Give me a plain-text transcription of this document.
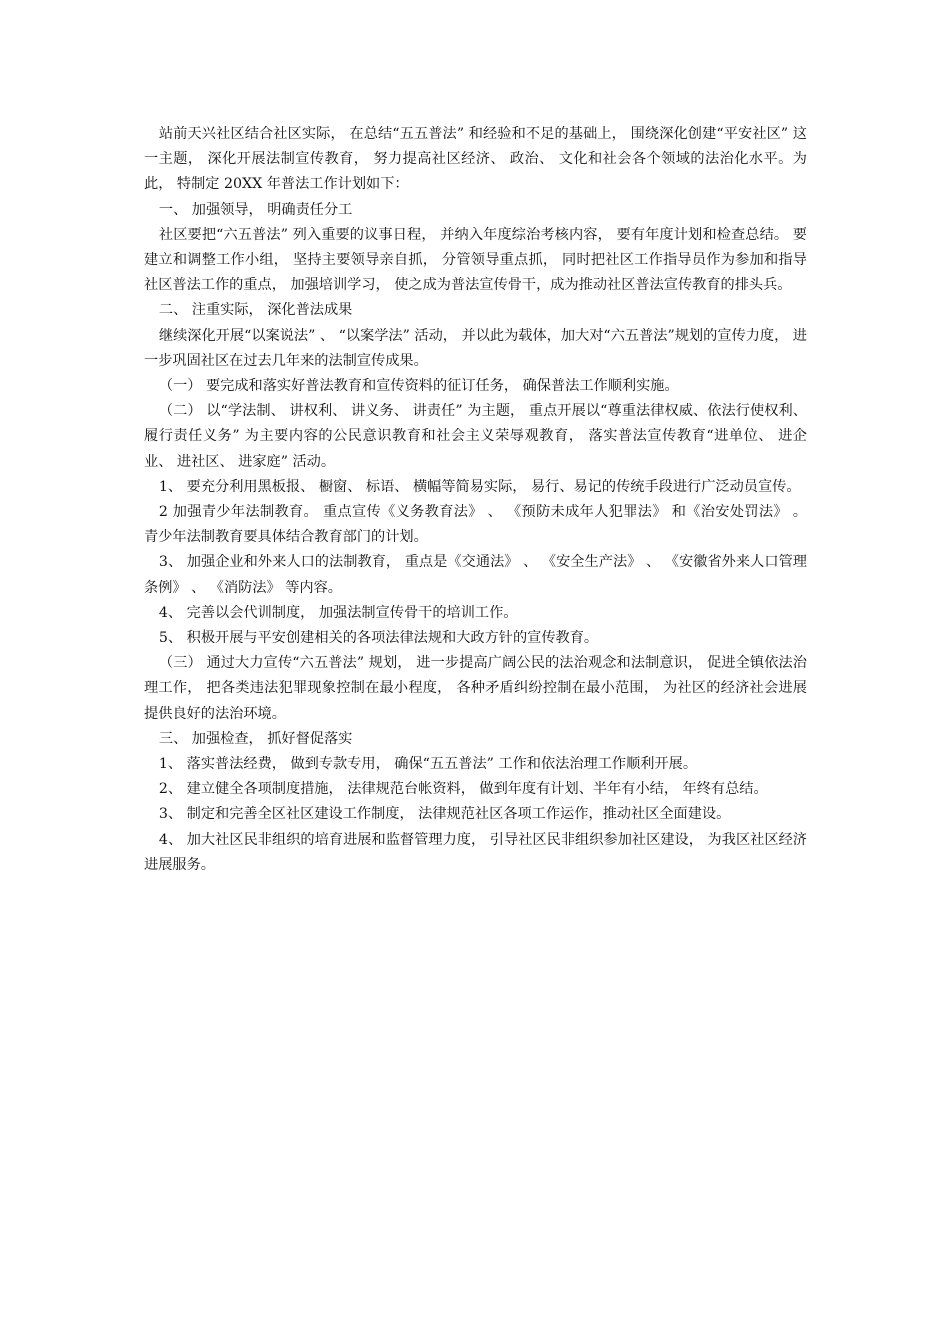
站前天兴社区结合社区实际， 在总结“五五普法” 和经验和不足的基础上， 围绕深化创建“平安社区” 这一主题， 深化开展法制宣传教育， 努力提高社区经济、 政治、 文化和社会各个领域的法治化水平。为此， 特制定 20XX 年普法工作计划如下：

一、 加强领导， 明确责任分工

社区要把“六五普法” 列入重要的议事日程， 并纳入年度综治考核内容， 要有年度计划和检查总结。 要建立和调整工作小组， 坚持主要领导亲自抓， 分管领导重点抓， 同时把社区工作指导员作为参加和指导社区普法工作的重点， 加强培训学习， 使之成为普法宣传骨干，成为推动社区普法宣传教育的排头兵。

二、 注重实际， 深化普法成果

继续深化开展“以案说法” 、 “以案学法” 活动， 并以此为载体，加大对“六五普法”规划的宣传力度， 进一步巩固社区在过去几年来的法制宣传成果。

（一） 要完成和落实好普法教育和宣传资料的征订任务， 确保普法工作顺利实施。

（二） 以“学法制、 讲权利、 讲义务、 讲责任” 为主题， 重点开展以“尊重法律权威、依法行使权利、 履行责任义务” 为主要内容的公民意识教育和社会主义荣辱观教育， 落实普法宣传教育“进单位、 进企业、 进社区、 进家庭” 活动。

1、 要充分利用黑板报、 橱窗、 标语、 横幅等简易实际， 易行、易记的传统手段进行广泛动员宣传。

2 加强青少年法制教育。 重点宣传《义务教育法》 、 《预防未成年人犯罪法》 和《治安处罚法》 。 青少年法制教育要具体结合教育部门的计划。

3、 加强企业和外来人口的法制教育， 重点是《交通法》 、 《安全生产法》 、 《安徽省外来人口管理条例》 、 《消防法》 等内容。

4、 完善以会代训制度， 加强法制宣传骨干的培训工作。

5、 积极开展与平安创建相关的各项法律法规和大政方针的宣传教育。

（三） 通过大力宣传“六五普法” 规划， 进一步提高广阔公民的法治观念和法制意识， 促进全镇依法治理工作， 把各类违法犯罪现象控制在最小程度， 各种矛盾纠纷控制在最小范围， 为社区的经济社会进展提供良好的法治环境。

三、 加强检查， 抓好督促落实

1、 落实普法经费， 做到专款专用， 确保“五五普法” 工作和依法治理工作顺利开展。

2、 建立健全各项制度措施， 法律规范台帐资料， 做到年度有计划、半年有小结， 年终有总结。

3、 制定和完善全区社区建设工作制度， 法律规范社区各项工作运作，推动社区全面建设。

4、 加大社区民非组织的培育进展和监督管理力度， 引导社区民非组织参加社区建设， 为我区社区经济进展服务。
